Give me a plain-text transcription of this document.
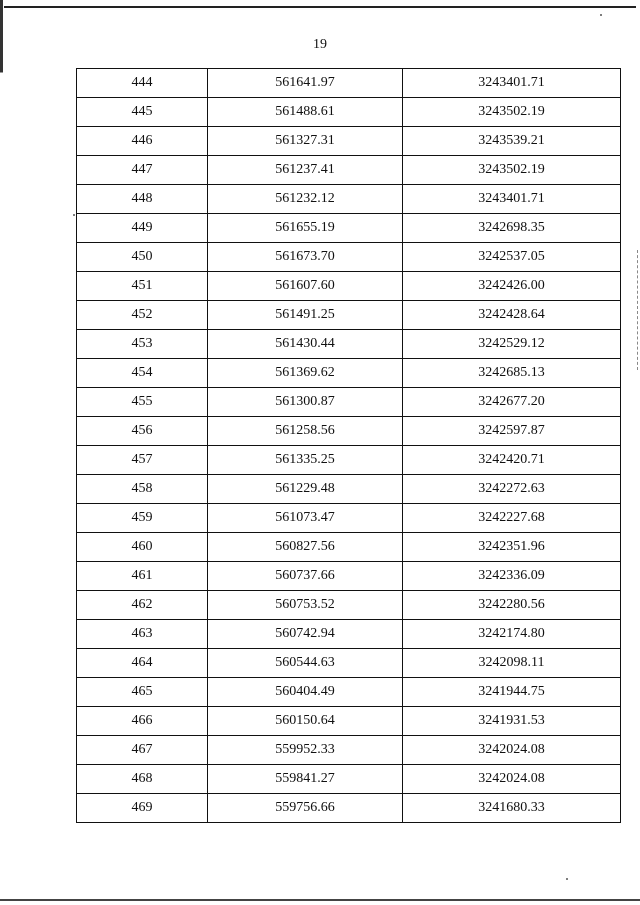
19
444	561641.97	3243401.71
445	561488.61	3243502.19
446	561327.31	3243539.21
447	561237.41	3243502.19
448	561232.12	3243401.71
449	561655.19	3242698.35
450	561673.70	3242537.05
451	561607.60	3242426.00
452	561491.25	3242428.64
453	561430.44	3242529.12
454	561369.62	3242685.13
455	561300.87	3242677.20
456	561258.56	3242597.87
457	561335.25	3242420.71
458	561229.48	3242272.63
459	561073.47	3242227.68
460	560827.56	3242351.96
461	560737.66	3242336.09
462	560753.52	3242280.56
463	560742.94	3242174.80
464	560544.63	3242098.11
465	560404.49	3241944.75
466	560150.64	3241931.53
467	559952.33	3242024.08
468	559841.27	3242024.08
469	559756.66	3241680.33
